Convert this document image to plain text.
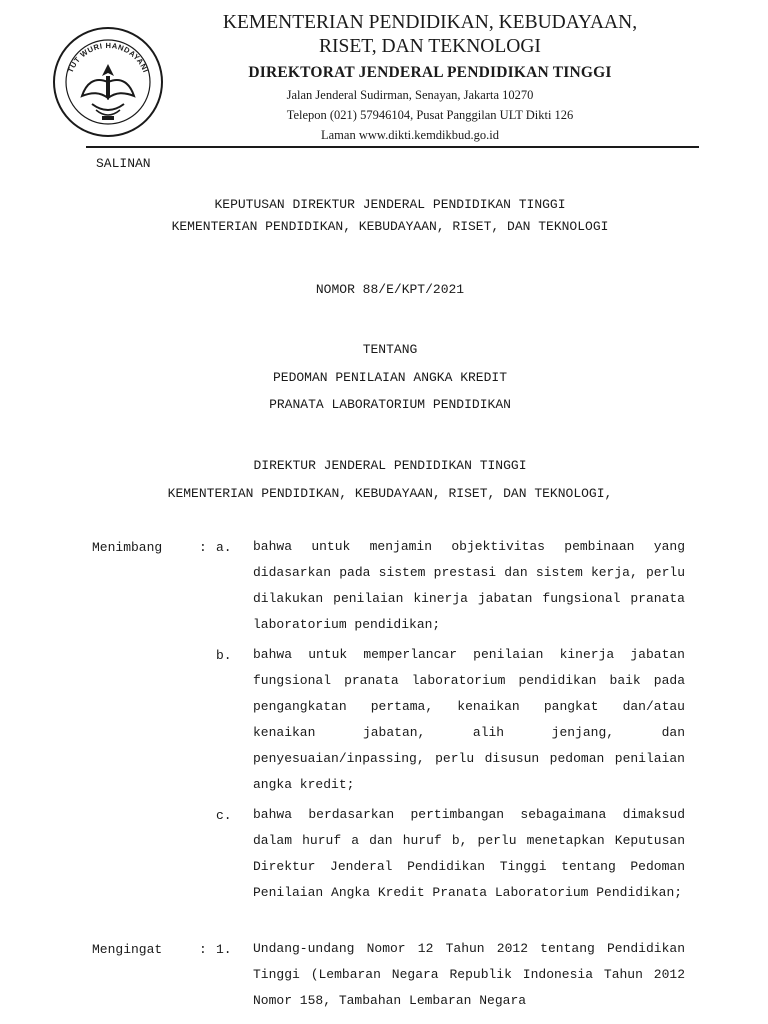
TUT WURI HANDAYANI
KEMENTERIAN PENDIDIKAN, KEBUDAYAAN,
RISET, DAN TEKNOLOGI
DIREKTORAT JENDERAL PENDIDIKAN TINGGI
Jalan Jenderal Sudirman, Senayan, Jakarta 10270
Telepon (021) 57946104, Pusat Panggilan ULT Dikti 126
Laman www.dikti.kemdikbud.go.id
SALINAN
KEPUTUSAN DIREKTUR JENDERAL PENDIDIKAN TINGGI
KEMENTERIAN PENDIDIKAN, KEBUDAYAAN, RISET, DAN TEKNOLOGI
NOMOR 88/E/KPT/2021
TENTANG
PEDOMAN PENILAIAN ANGKA KREDIT
PRANATA LABORATORIUM PENDIDIKAN
DIREKTUR JENDERAL PENDIDIKAN TINGGI
KEMENTERIAN PENDIDIKAN, KEBUDAYAAN, RISET, DAN TEKNOLOGI,
Menimbang	: a. bahwa untuk menjamin objektivitas pembinaan yang didasarkan pada sistem prestasi dan sistem kerja, perlu dilakukan penilaian kinerja jabatan fungsional pranata laboratorium pendidikan;
b. bahwa untuk memperlancar penilaian kinerja jabatan fungsional pranata laboratorium pendidikan baik pada pengangkatan pertama, kenaikan pangkat dan/atau kenaikan jabatan, alih jenjang, dan penyesuaian/inpassing, perlu disusun pedoman penilaian angka kredit;
c. bahwa berdasarkan pertimbangan sebagaimana dimaksud dalam huruf a dan huruf b, perlu menetapkan Keputusan Direktur Jenderal Pendidikan Tinggi tentang Pedoman Penilaian Angka Kredit Pranata Laboratorium Pendidikan;
Mengingat	: 1. Undang-undang Nomor 12 Tahun 2012 tentang Pendidikan Tinggi (Lembaran Negara Republik Indonesia Tahun 2012 Nomor 158, Tambahan Lembaran Negara
